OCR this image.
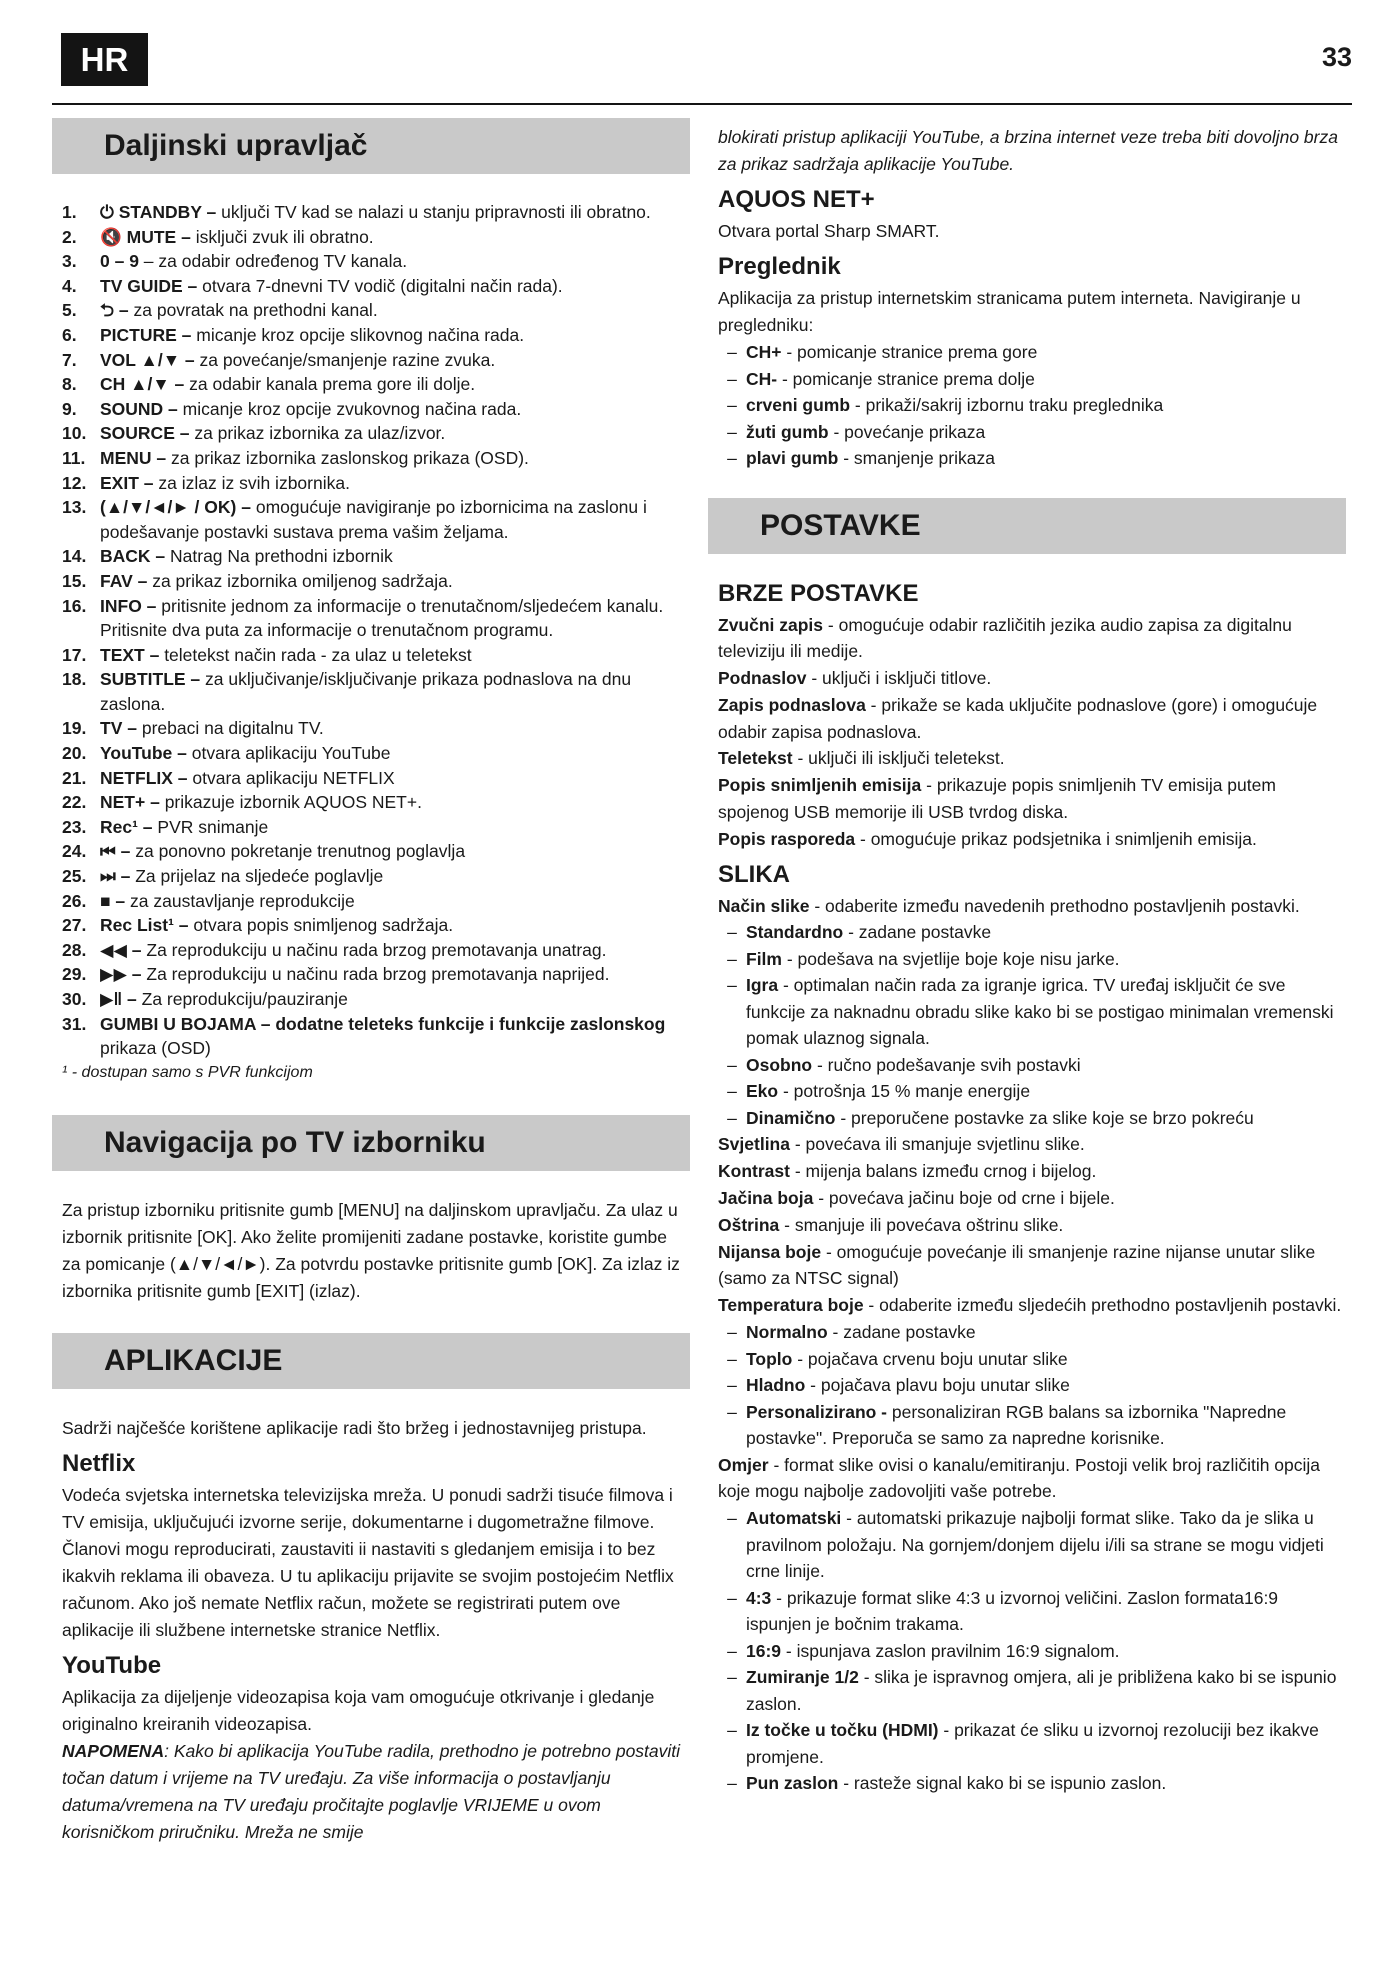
HR	33
Daljinski upravljač
1.	⏻ STANDBY – uključi TV kad se nalazi u stanju pripravnosti ili obratno.
2.	🔇 MUTE – isključi zvuk ili obratno.
3.	0 – 9 – za odabir određenog TV kanala.
4.	TV GUIDE – otvara 7-dnevni TV vodič (digitalni način rada).
5.	⮌ – za povratak na prethodni kanal.
6.	PICTURE – micanje kroz opcije slikovnog načina rada.
7.	VOL ▲/▼ – za povećanje/smanjenje razine zvuka.
8.	CH ▲/▼ – za odabir kanala prema gore ili dolje.
9.	SOUND – micanje kroz opcije zvukovnog načina rada.
10. SOURCE – za prikaz izbornika za ulaz/izvor.
11. MENU – za prikaz izbornika zaslonskog prikaza (OSD).
12. EXIT – za izlaz iz svih izbornika.
13. (▲/▼/◄/► / OK) – omogućuje navigiranje po izbornicima na zaslonu i podešavanje postavki sustava prema vašim željama.
14. BACK – Natrag Na prethodni izbornik
15. FAV – za prikaz izbornika omiljenog sadržaja.
16. INFO – pritisnite jednom za informacije o trenutačnom/sljedećem kanalu. Pritisnite dva puta za informacije o trenutačnom programu.
17. TEXT – teletekst način rada - za ulaz u teletekst
18. SUBTITLE – za uključivanje/isključivanje prikaza podnaslova na dnu zaslona.
19. TV – prebaci na digitalnu TV.
20. YouTube – otvara aplikaciju YouTube
21. NETFLIX – otvara aplikaciju NETFLIX
22. NET+ – prikazuje izbornik AQUOS NET+.
23. Rec¹ – PVR snimanje
24. ⏮ – za ponovno pokretanje trenutnog poglavlja
25. ⏭ – Za prijelaz na sljedeće poglavlje
26. ■ – za zaustavljanje reprodukcije
27. Rec List¹ – otvara popis snimljenog sadržaja.
28. ◀◀ – Za reprodukciju u načinu rada brzog premotavanja unatrag.
29. ▶▶ – Za reprodukciju u načinu rada brzog premotavanja naprijed.
30. ▶‖ – Za reprodukciju/pauziranje
31. GUMBI U BOJAMA – dodatne teleteks funkcije i funkcije zaslonskog prikaza (OSD)

¹ - dostupan samo s PVR funkcijom

Navigacija po TV izborniku

Za pristup izborniku pritisnite gumb [MENU] na daljinskom upravljaču. Za ulaz u izbornik pritisnite [OK]. Ako želite promijeniti zadane postavke, koristite gumbe za pomicanje (▲/▼/◄/►). Za potvrdu postavke pritisnite gumb [OK]. Za izlaz iz izbornika pritisnite gumb [EXIT] (izlaz).

APLIKACIJE

Sadrži najčešće korištene aplikacije radi što bržeg i jednostavnijeg pristupa.

Netflix

Vodeća svjetska internetska televizijska mreža. U ponudi sadrži tisuće filmova i TV emisija, uključujući izvorne serije, dokumentarne i dugometražne filmove. Članovi mogu reproducirati, zaustaviti ii nastaviti s gledanjem emisija i to bez ikakvih reklama ili obaveza. U tu aplikaciju prijavite se svojim postojećim Netflix računom. Ako još nemate Netflix račun, možete se registrirati putem ove aplikacije ili službene internetske stranice Netflix.

YouTube

Aplikacija za dijeljenje videozapisa koja vam omogućuje otkrivanje i gledanje originalno kreiranih videozapisa.

NAPOMENA: Kako bi aplikacija YouTube radila, prethodno je potrebno postaviti točan datum i vrijeme na TV uređaju. Za više informacija o postavljanju datuma/vremena na TV uređaju pročitajte poglavlje VRIJEME u ovom korisničkom priručniku. Mreža ne smije

blokirati pristup aplikaciji YouTube, a brzina internet veze treba biti dovoljno brza za prikaz sadržaja aplikacije YouTube.

AQUOS NET+

Otvara portal Sharp SMART.

Preglednik

Aplikacija za pristup internetskim stranicama putem interneta. Navigiranje u pregledniku:

– CH+ - pomicanje stranice prema gore
– CH- - pomicanje stranice prema dolje
– crveni gumb - prikaži/sakrij izbornu traku preglednika
– žuti gumb - povećanje prikaza
– plavi gumb - smanjenje prikaza
POSTAVKE
BRZE POSTAVKE

Zvučni zapis - omogućuje odabir različitih jezika audio zapisa za digitalnu televiziju ili medije.

Podnaslov - uključi i isključi titlove.

Zapis podnaslova - prikaže se kada uključite podnaslove (gore) i omogućuje odabir zapisa podnaslova.

Teletekst - uključi ili isključi teletekst.

Popis snimljenih emisija - prikazuje popis snimljenih TV emisija putem spojenog USB memorije ili USB tvrdog diska.

Popis rasporeda - omogućuje prikaz podsjetnika i snimljenih emisija.

SLIKA

Način slike - odaberite između navedenih prethodno postavljenih postavki.

– Standardno - zadane postavke
– Film - podešava na svjetlije boje koje nisu jarke.
– Igra - optimalan način rada za igranje igrica. TV uređaj isključit će sve funkcije za naknadnu obradu slike kako bi se postigao minimalan vremenski pomak ulaznog signala.
– Osobno - ručno podešavanje svih postavki
– Eko - potrošnja 15 % manje energije
– Dinamično - preporučene postavke za slike koje se brzo pokreću

Svjetlina - povećava ili smanjuje svjetlinu slike.

Kontrast - mijenja balans između crnog i bijelog.

Jačina boja - povećava jačinu boje od crne i bijele.

Oštrina - smanjuje ili povećava oštrinu slike.

Nijansa boje - omogućuje povećanje ili smanjenje razine nijanse unutar slike (samo za NTSC signal)

Temperatura boje - odaberite između sljedećih prethodno postavljenih postavki.

– Normalno - zadane postavke
– Toplo - pojačava crvenu boju unutar slike
– Hladno - pojačava plavu boju unutar slike
– Personalizirano - personaliziran RGB balans sa izbornika "Napredne postavke". Preporuča se samo za napredne korisnike.

Omjer - format slike ovisi o kanalu/emitiranju. Postoji velik broj različitih opcija koje mogu najbolje zadovoljiti vaše potrebe.

– Automatski - automatski prikazuje najbolji format slike. Tako da je slika u pravilnom položaju. Na gornjem/donjem dijelu i/ili sa strane se mogu vidjeti crne linije.
– 4:3 - prikazuje format slike 4:3 u izvornoj veličini. Zaslon formata16:9 ispunjen je bočnim trakama.
– 16:9 - ispunjava zaslon pravilnim 16:9 signalom.
– Zumiranje 1/2 - slika je ispravnog omjera, ali je približena kako bi se ispunio zaslon.
– Iz točke u točku (HDMI) - prikazat će sliku u izvornoj rezoluciji bez ikakve promjene.
– Pun zaslon - rasteže signal kako bi se ispunio zaslon.
